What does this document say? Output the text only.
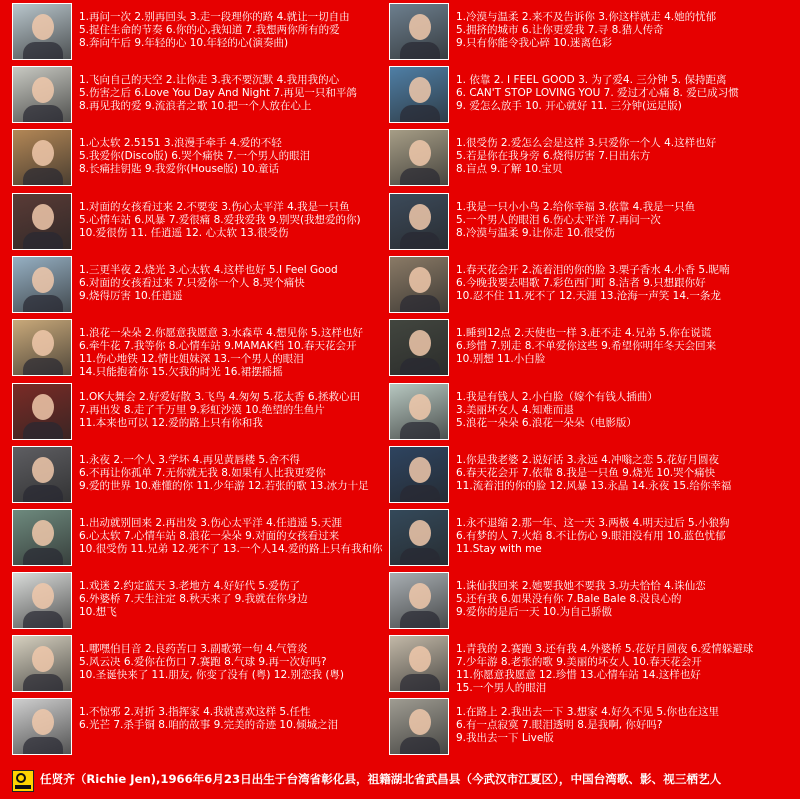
1.再问一次 2.别再回头 3.走一段理你的路 4.就让一切自由
5.捉住生命的节奏 6.你的心,我知道 7.我想两你所有的爱
8.奔向午后 9.年轻的心 10.年轻的心(演奏曲)
1.冷漠与温柔 2.来不及告诉你 3.你这样就走 4.她的忧郁
5.拥挤的城市 6.让你更爱我 7.寻 8.猎人传奇
9.只有你能令我心碎 10.迷离色彩
1.飞向自己的天空 2.让你走 3.我不要沉默 4.我用我的心
5.伤害之后 6.Love You Day And Night 7.再见一只和平鸽
8.再见我的爱 9.流浪者之歌 10.把一个人放在心上
1. 依靠 2. I FEEL GOOD 3. 为了爱4. 三分钟 5. 保持距离
6. CAN'T STOP LOVING YOU 7. 爱过才心痛 8. 爱已成习惯
9. 爱怎么放手 10. 开心就好 11. 三分钟(远足版)
1.心太软 2.5151 3.浪漫手牵手 4.爱的不轻
5.我爱你(Disco版) 6.哭个痛快 7.一个男人的眼泪
8.长痛挂钥匙 9.我爱你(House版) 10.童话
1.很受伤 2.爱怎么会是这样 3.只爱你一个人 4.这样也好
5.若是你在我身旁 6.烧得厉害 7.日出东方
8.盲点 9.了解 10.宝贝
1.对面的女孩看过来 2.不要变 3.伤心太平洋 4.我是一只鱼
5.心情车站 6.风暴 7.爱很痛 8.爱我爱我 9.别哭(我想爱的你)
10.爱很伤 11. 任逍遥 12. 心太软 13.很受伤
1.我是一只小小鸟 2.给你幸福 3.依靠 4.我是一只鱼
5.一个男人的眼泪 6.伤心太平洋 7.再问一次
8.冷漠与温柔 9.让你走 10.很受伤
1.三更半夜 2.烧光 3.心太软 4.这样也好 5.I Feel Good
6.对面的女孩看过来 7.只爱你一个人 8.哭个痛快
9.烧得厉害 10.任逍遥
1.春天花会开 2.流着泪的你的脸 3.栗子香水 4.小香 5.昵喃
6.今晚我要去唱歌 7.彩色西门町 8.洁者 9.只想跟你好
10.忍不住 11.死不了 12.天涯 13.沧海一声笑 14.一条龙
1.浪花一朵朵 2.你愿意我愿意 3.水森草 4.想见你 5.这样也好
6.牵牛花 7.我等你 8.心情车站 9.MAMAK档 10.春天花会开
11.伤心地铁 12.情比姐妹深 13.一个男人的眼泪
14.只能抱着你 15.欠我的时光 16.裙摆摇摇
1.睡到12点 2.天使也一样 3.赶不走 4.兄弟 5.你在说谎
6.珍惜 7.别走 8.不单爱你这些 9.希望你明年冬天会回来
10.别想 11.小白脸
1.OK大舞会 2.好爱好散 3.飞鸟 4.匆匆 5.花太香 6.拯救心田
7.再出发 8.走了千万里 9.彩虹沙漠 10.绝望的生鱼片
11.本来也可以 12.爱的路上只有你和我
1.我是有钱人 2.小白脸（嫁个有钱人插曲）
3.美丽坏女人 4.知难而退
5.浪花一朵朵 6.浪花一朵朵（电影版）
1.永夜 2.一个人 3.学坏 4.再见黄唇楼 5.舍不得
6.不再让你孤单 7.无你就无我 8.如果有人比我更爱你
9.爱的世界 10.难懂的你 11.少年游 12.若张的歌 13.冰力十足
1.你是我老婆 2.说好话 3.永远 4.冲嗡之恋 5.花好月圆夜
6.春天花会开 7.依靠 8.我是一只鱼 9.烧光 10.哭个痛快
11.流着泪的你的脸 12.风暴 13.永晶 14.永夜 15.给你幸福
1.出动就别回来 2.再出发 3.伤心太平洋 4.任逍遥 5.天涯
6.心太软 7.心情车站 8.浪花一朵朵 9.对面的女孩看过来
10.很受伤 11.兄弟 12.死不了 13.一个人14.爱的路上只有我和你
1.永不退缩 2.那一年、这一天 3.两极 4.明天过后 5.小狼狗
6.有梦的人 7.火焰 8.不让伤心 9.眼泪没有用 10.蓝色忧郁
11.Stay with me
1.戏迷 2.约定蓝天 3.老地方 4.好好代 5.爱伤了
6.外婆桥 7.天生注定 8.秋天来了 9.我就在你身边
10.想飞
1.诛仙我回来 2.她要我她不要我 3.功夫恰恰 4.诛仙恋
5.还有我 6.如果没有你 7.Bale Bale 8.没良心的
9.爱你的是后一天 10.为自己骄傲
1.哪嘿伯目音 2.良药苦口 3.副歌第一句 4.气管炎
5.风云决 6.爱你在伤口 7.赛跑 8.气球 9.再一次好吗?
10.圣诞快来了 11.朋友, 你变了没有 (粤) 12.别恋我 (粤)
1.青我的 2.赛跑 3.还有我 4.外婆桥 5.花好月圆夜 6.爱情躲避球
7.少年游 8.老张的歌 9.美丽的坏女人 10.春天花会开
11.你愿意我愿意 12.珍惜 13.心情车站 14.这样也好
15.一个男人的眼泪
1.不惊邪 2.对折 3.指挥家 4.我就喜欢这样 5.任性
6.光芒 7.杀手铜 8.咱的故事 9.完美的奇迹 10.倾城之泪
1.在路上 2.我出去一下 3.想家 4.好久不见 5.你也在这里
6.有一点寂寞 7.眼泪透明 8.是我啊, 你好吗?
9.我出去一下 Live版
任贤齐（Richie Jen),1966年6月23日出生于台湾省彰化县，祖籍湖北省武昌县（今武汉市江夏区），中国台湾歌、影、视三栖艺人
